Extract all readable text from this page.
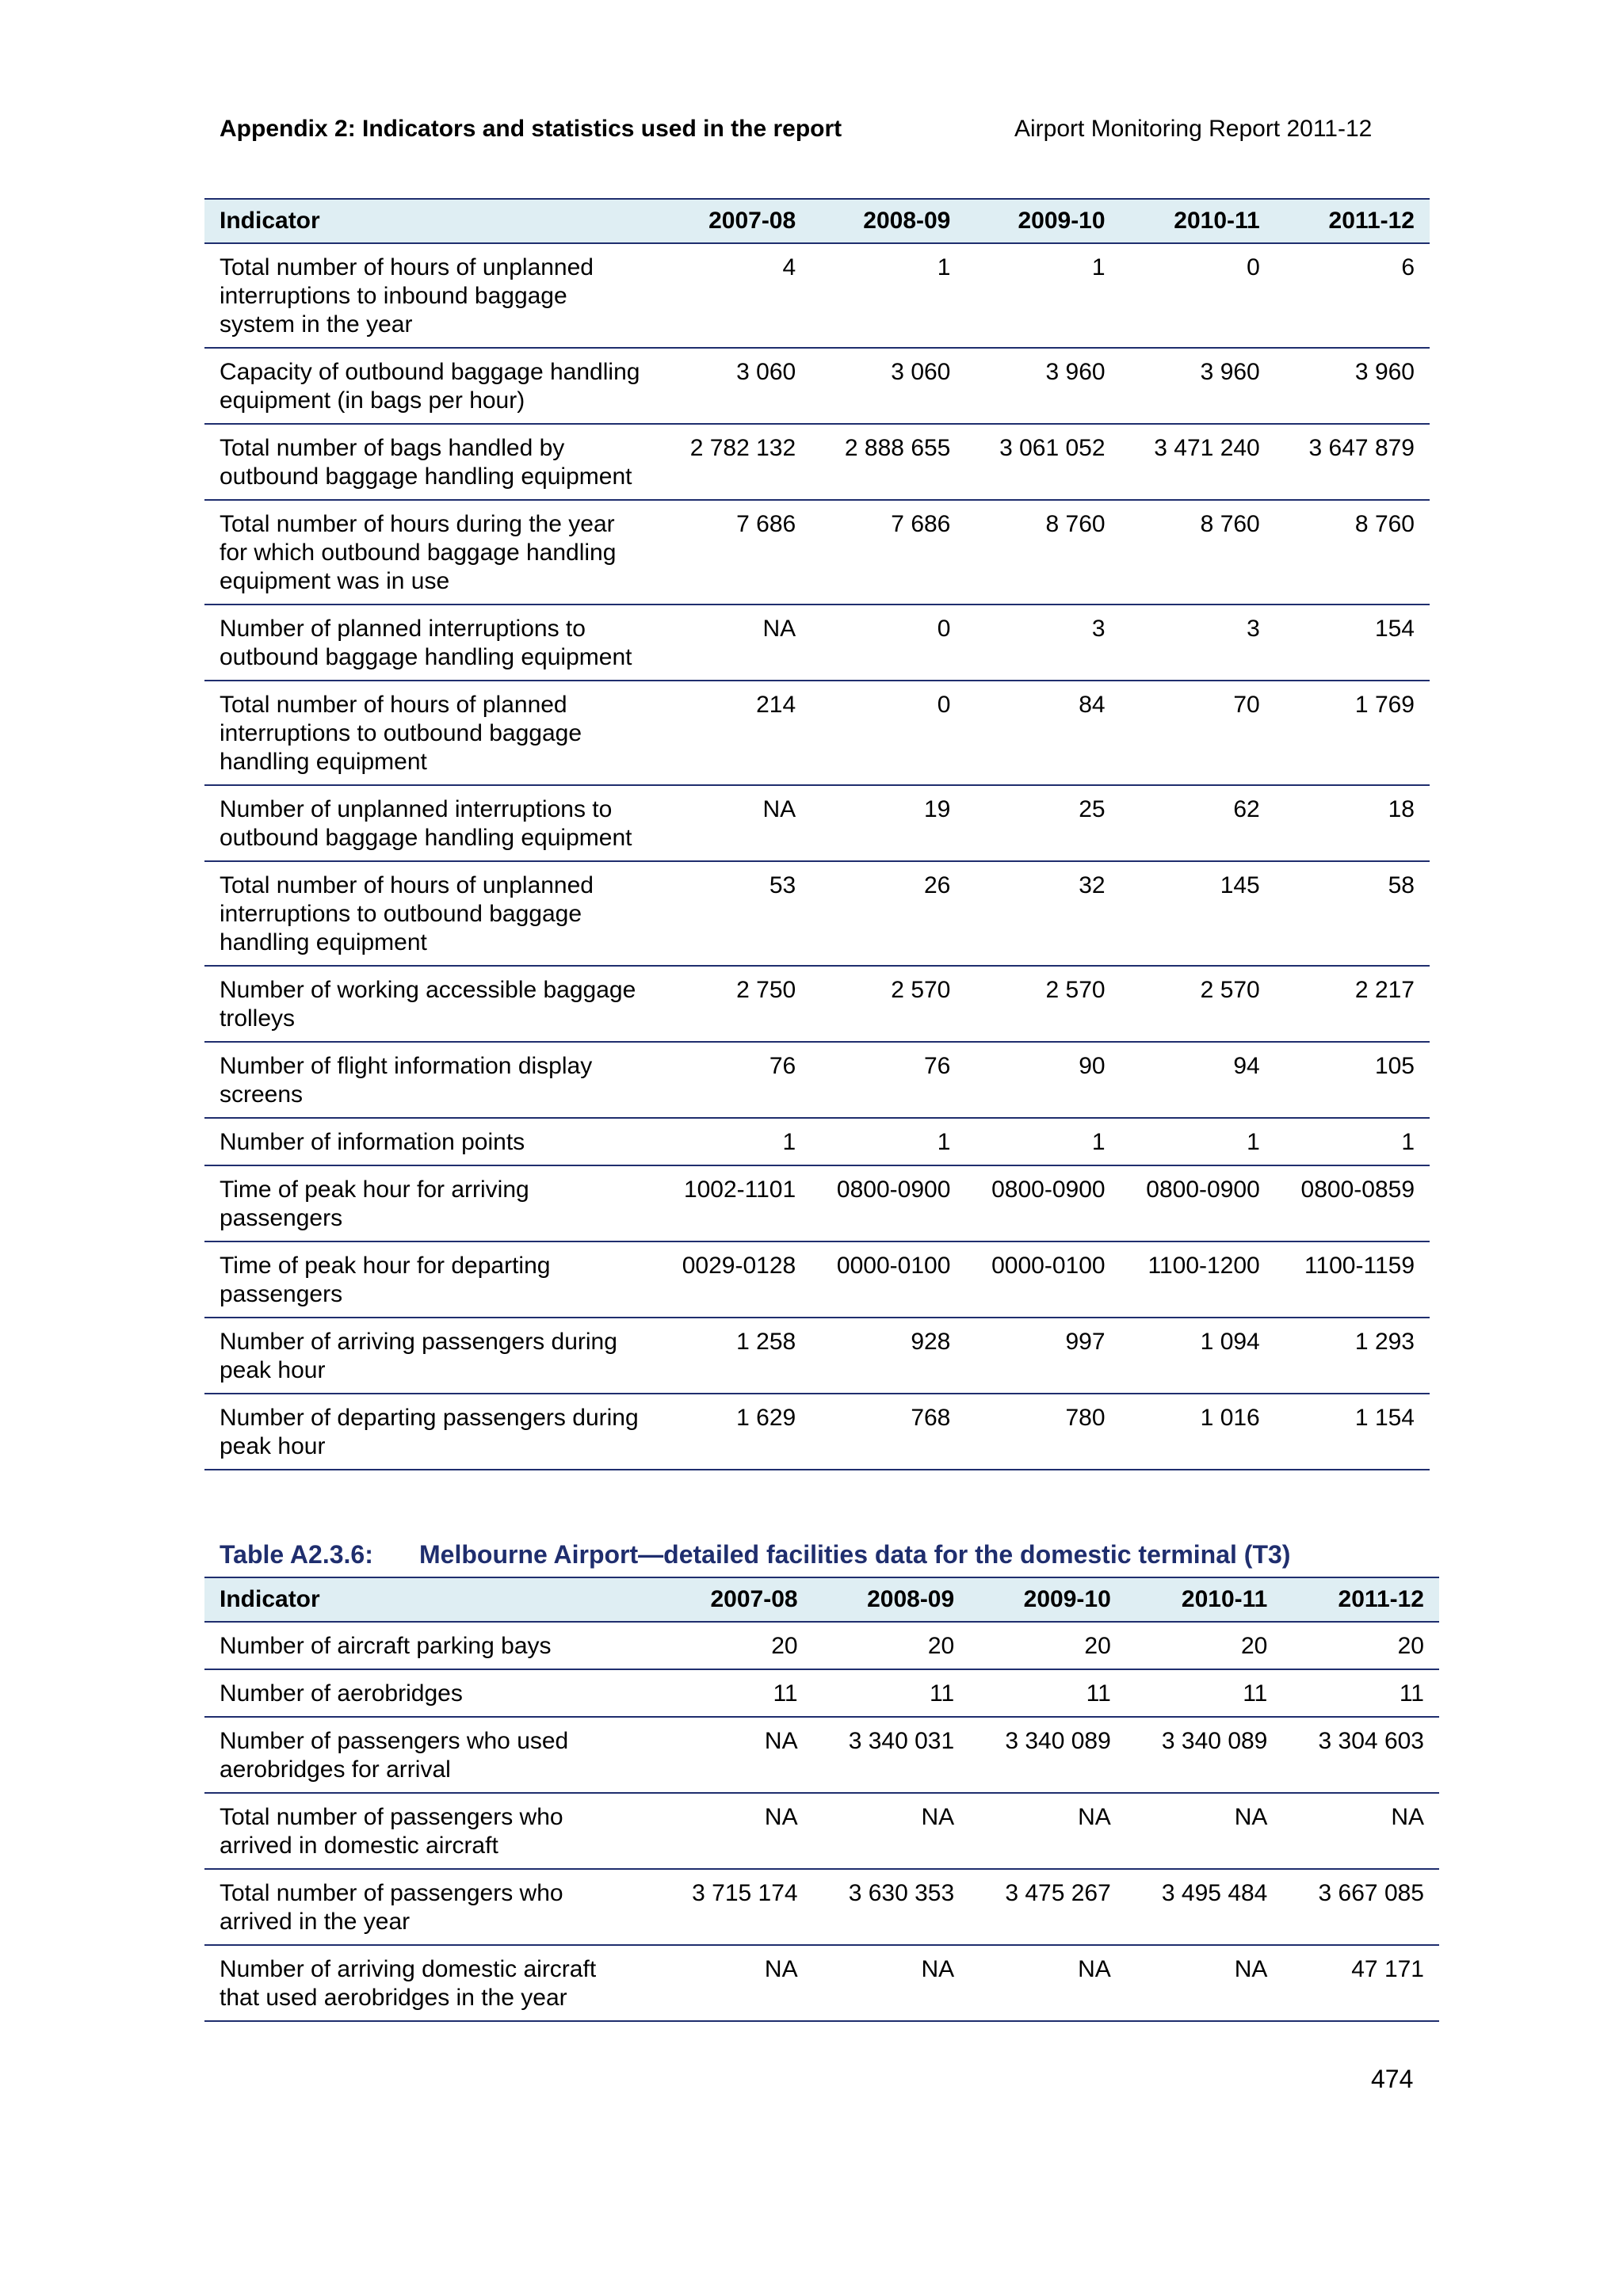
Appendix 2: Indicators and statistics used in the report	Airport Monitoring Report 2011-12
Indicator	2007-08	2008-09	2009-10	2010-11	2011-12
Total number of hours of unplanned interruptions to inbound baggage system in the year	4	1	1	0	6
Capacity of outbound baggage handling equipment (in bags per hour)	3 060	3 060	3 960	3 960	3 960
Total number of bags handled by outbound baggage handling equipment	2 782 132	2 888 655	3 061 052	3 471 240	3 647 879
Total number of hours during the year for which outbound baggage handling equipment was in use	7 686	7 686	8 760	8 760	8 760
Number of planned interruptions to outbound baggage handling equipment	NA	0	3	3	154
Total number of hours of planned interruptions to outbound baggage handling equipment	214	0	84	70	1 769
Number of unplanned interruptions to outbound baggage handling equipment	NA	19	25	62	18
Total number of hours of unplanned interruptions to outbound baggage handling equipment	53	26	32	145	58
Number of working accessible baggage trolleys	2 750	2 570	2 570	2 570	2 217
Number of flight information display screens	76	76	90	94	105
Number of information points	1	1	1	1	1
Time of peak hour for arriving passengers	1002-1101	0800-0900	0800-0900	0800-0900	0800-0859
Time of peak hour for departing passengers	0029-0128	0000-0100	0000-0100	1100-1200	1100-1159
Number of arriving passengers during peak hour	1 258	928	997	1 094	1 293
Number of departing passengers during peak hour	1 629	768	780	1 016	1 154
Table A2.3.6: Melbourne Airport—detailed facilities data for the domestic terminal (T3)
Indicator	2007-08	2008-09	2009-10	2010-11	2011-12
Number of aircraft parking bays	20	20	20	20	20
Number of aerobridges	11	11	11	11	11
Number of passengers who used aerobridges for arrival	NA	3 340 031	3 340 089	3 340 089	3 304 603
Total number of passengers who arrived in domestic aircraft	NA	NA	NA	NA	NA
Total number of passengers who arrived in the year	3 715 174	3 630 353	3 475 267	3 495 484	3 667 085
Number of arriving domestic aircraft that used aerobridges in the year	NA	NA	NA	NA	47 171
474
